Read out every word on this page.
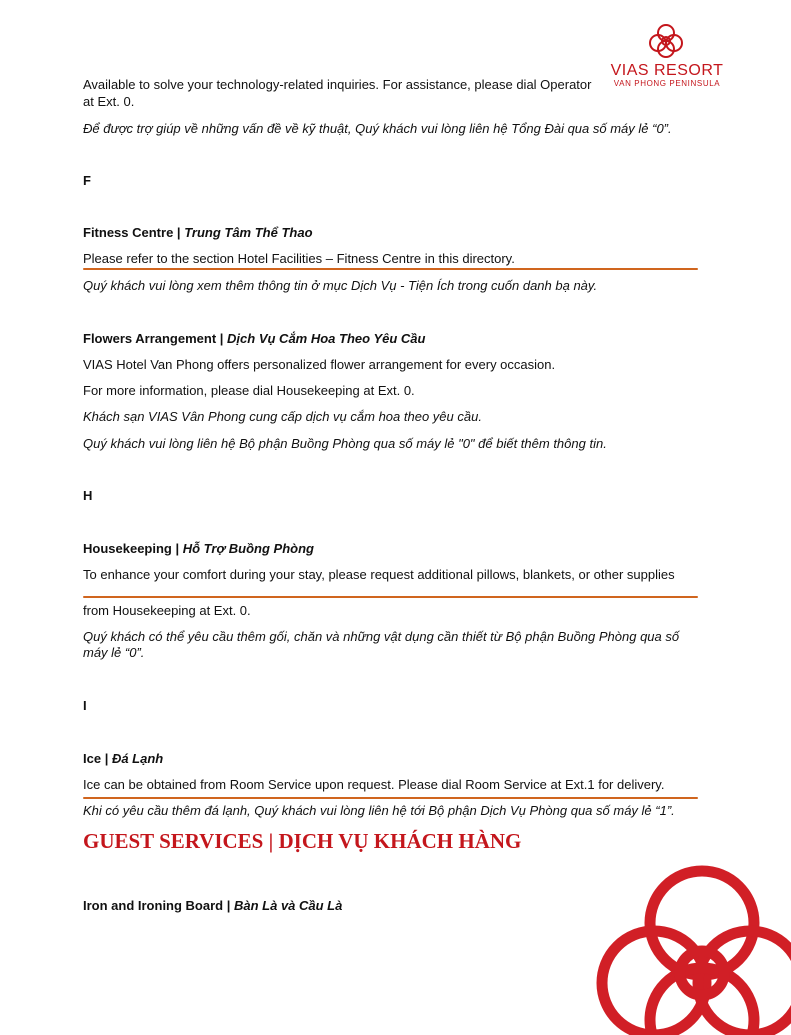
VIAS RESORT
VAN PHONG PENINSULA
Available to solve your technology-related inquiries. For assistance, please dial Operator
at Ext. 0.
Để được trợ giúp về những vấn đề về kỹ thuật, Quý khách vui lòng liên hệ Tổng Đài qua số máy lẻ “0”.
F
Fitness Centre | Trung Tâm Thể Thao
Please refer to the section Hotel Facilities – Fitness Centre in this directory.
Quý khách vui lòng xem thêm thông tin ở mục Dịch Vụ - Tiện Ích trong cuốn danh bạ này.
Flowers Arrangement | Dịch Vụ Cắm Hoa Theo Yêu Cầu
VIAS Hotel Van Phong offers personalized flower arrangement for every occasion.
For more information, please dial Housekeeping at Ext. 0.
Khách sạn VIAS Vân Phong cung cấp dịch vụ cắm hoa theo yêu cầu.
Quý khách vui lòng liên hệ Bộ phận Buồng Phòng qua số máy lẻ "0" để biết thêm thông tin.
H
Housekeeping | Hỗ Trợ Buồng Phòng
To enhance your comfort during your stay, please request additional pillows, blankets, or other supplies
from Housekeeping at Ext. 0.
Quý khách có thể yêu cầu thêm gối, chăn và những vật dụng cần thiết từ Bộ phận Buồng Phòng qua số
máy lẻ “0”.
I
Ice | Đá Lạnh
Ice can be obtained from Room Service upon request. Please dial Room Service at Ext.1 for delivery.
Khi có yêu cầu thêm đá lạnh, Quý khách vui lòng liên hệ tới Bộ phận Dịch Vụ Phòng qua số máy lẻ “1”.
GUEST SERVICES | DỊCH VỤ KHÁCH HÀNG
Iron and Ironing Board | Bàn Là và Cầu Là
